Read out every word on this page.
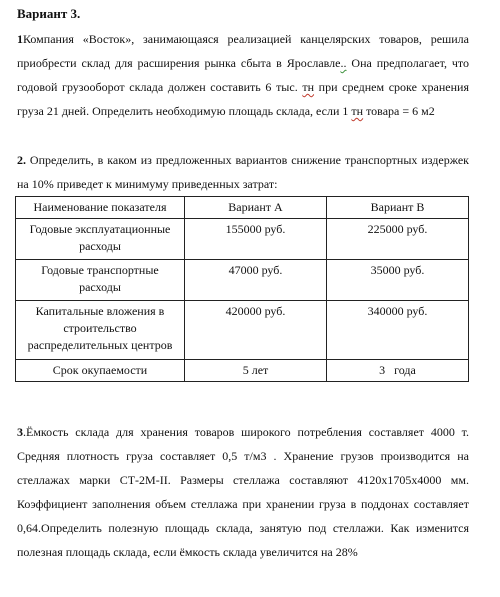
Вариант 3.

1Компания «Восток», занимающаяся реализацией канцелярских товаров, решила приобрести склад для расширения рынка сбыта в Ярославле.. Она предполагает, что годовой грузооборот склада должен составить 6 тыс. тн при среднем сроке хранения груза 21 дней. Определить необходимую площадь склада, если 1 тн товара = 6 м2

2. Определить, в каком из предложенных вариантов снижение транспортных издержек на 10% приведет к минимуму приведенных затрат:

Наименование показателя	Вариант А	Вариант В
Годовые эксплуатационные расходы	155000 руб.	225000 руб.
Годовые транспортные расходы	47000 руб.	35000 руб.
Капитальные вложения в строительство распределительных центров	420000 руб.	340000 руб.
Срок окупаемости	5 лет	3   года

3.Ёмкость склада для хранения товаров широкого потребления составляет 4000 т. Средняя плотность груза составляет 0,5 т/м3 . Хранение грузов производится на стеллажах марки СТ-2М-II. Размеры стеллажа составляют 4120х1705х4000 мм. Коэффициент заполнения объем стеллажа при хранении груза в поддонах составляет 0,64.Определить полезную площадь склада, занятую под стеллажи. Как изменится полезная площадь склада, если ёмкость склада увеличится на 28%
